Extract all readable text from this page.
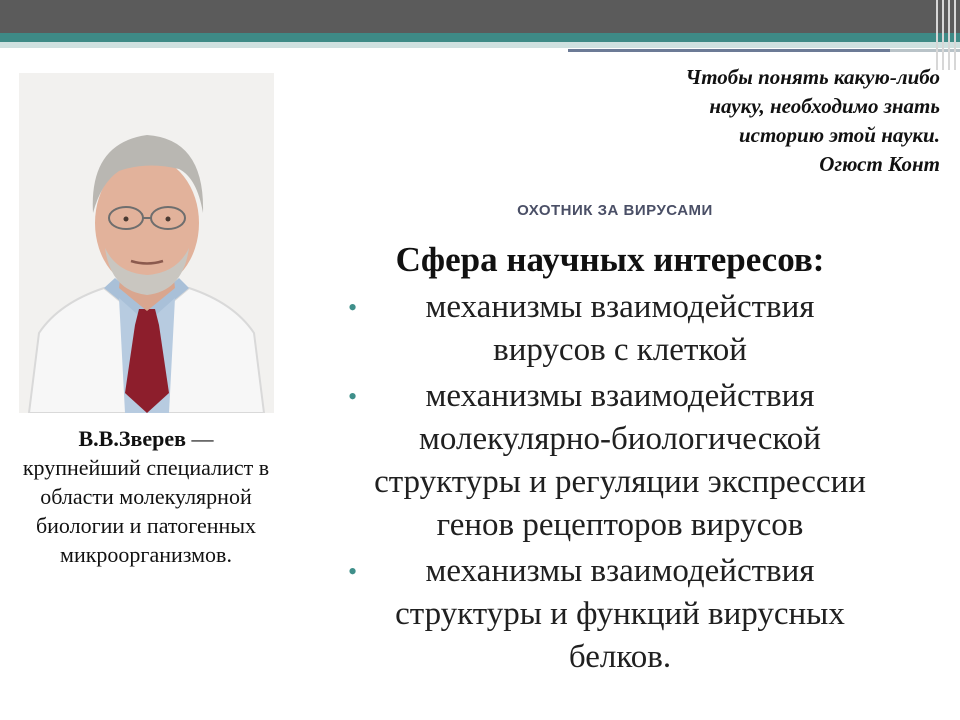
В.В.Зверев — крупнейший специалист в области молекулярной биологии и патогенных микроорганизмов.
Чтобы понять какую-либо
науку, необходимо знать
историю этой науки.
Огюст Конт
ОХОТНИК ЗА ВИРУСАМИ
Сфера научных интересов:
•	механизмы взаимодействия
вирусов с клеткой
•	механизмы взаимодействия
молекулярно-биологической
структуры и регуляции экспрессии
генов рецепторов вирусов
•	механизмы взаимодействия
структуры и функций вирусных
белков.
